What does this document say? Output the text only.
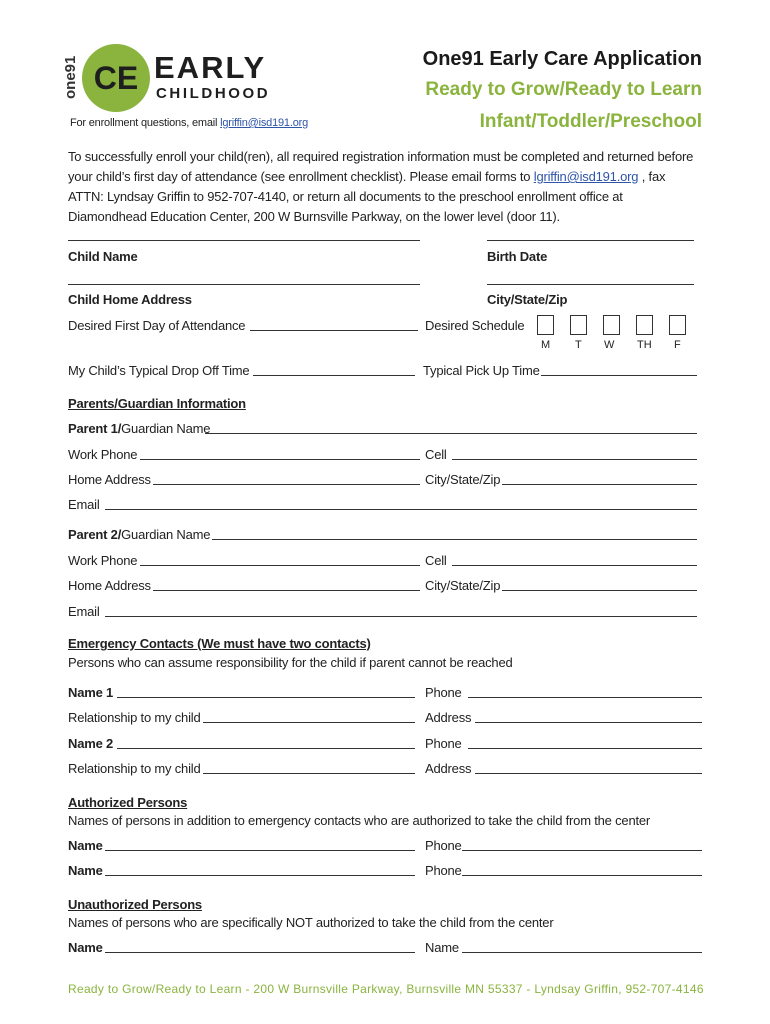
one91 CE EARLY
CHILDHOOD
For enrollment questions, email lgriffin@isd191.org
One91 Early Care Application
Ready to Grow/Ready to Learn
Infant/Toddler/Preschool
To successfully enroll your child(ren), all required registration information must be completed and returned before your child’s first day of attendance (see enrollment checklist). Please email forms to lgriffin@isd191.org , fax ATTN: Lyndsay Griffin to 952-707-4140, or return all documents to the preschool enrollment office at Diamondhead Education Center, 200 W Burnsville Parkway, on the lower level (door 11).
Child Name	Birth Date
Child Home Address	City/State/Zip
Desired First Day of Attendance	Desired Schedule
M T W TH F
My Child’s Typical Drop Off Time	Typical Pick Up Time
Parents/Guardian Information
Parent 1/Guardian Name
Work Phone	Cell
Home Address	City/State/Zip
Email
Parent 2/Guardian Name
Work Phone	Cell
Home Address	City/State/Zip
Email
Emergency Contacts (We must have two contacts)
Persons who can assume responsibility for the child if parent cannot be reached
Name 1	Phone
Relationship to my child	Address
Name 2	Phone
Relationship to my child	Address
Authorized Persons
Names of persons in addition to emergency contacts who are authorized to take the child from the center
Name	Phone
Name	Phone
Unauthorized Persons
Names of persons who are specifically NOT authorized to take the child from the center
Name	Name
Ready to Grow/Ready to Learn - 200 W Burnsville Parkway, Burnsville MN 55337 - Lyndsay Griffin, 952-707-4146
